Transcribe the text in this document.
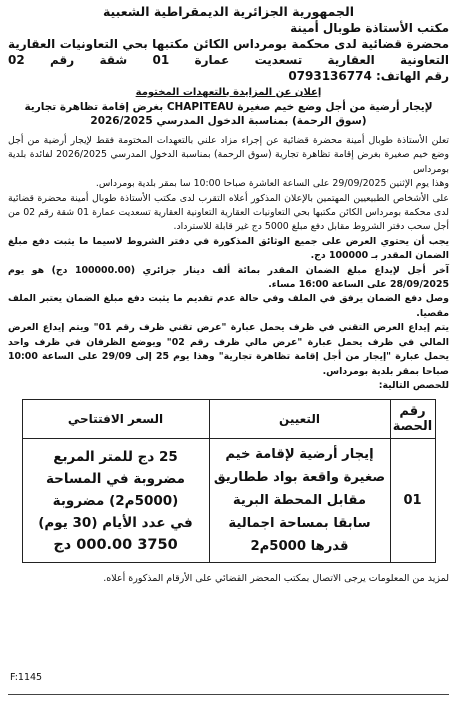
الجمهورية الجزائرية الديمقراطية الشعبية
مكتب الأستاذة طوبال أمينة
محضرة قضائية لدى محكمة بومرداس الكائن مكتبها بحي التعاونيات العقارية
التعاونية العقارية تسعديت عمارة 01 شقة رقم 02
رقم الهاتف: 0793136774
إعلان عن المزايدة بالتعهدات المختومة
لإيجار أرضية من أجل وضع خيم صغيرة CHAPITEAU بغرض إقامة تظاهرة تجارية
(سوق الرحمة) بمناسبة الدخول المدرسي 2026/2025

تعلن الأستاذة طوبال أمينة محضرة قضائية عن إجراء مزاد علني بالتعهدات المختومة فقط لإيجار أرضية من أجل وضع خيم صغيرة بغرض إقامة تظاهرة تجارية (سوق الرحمة) بمناسبة الدخول المدرسي 2026/2025 لفائدة بلدية بومرداس

وهذا يوم الإثنين 29/09/2025 على الساعة العاشرة صباحا 10:00 سا بمقر بلدية بومرداس.

على الأشخاص الطبيعيين المهتمين بالإعلان المذكور أعلاه التقرب لدى مكتب الأستاذة طوبال أمينة محضرة قضائية لدى محكمة بومرداس الكائن مكتبها بحي التعاونيات العقارية التعاونية العقارية تسعديت عمارة 01 شقة رقم 02 من أجل سحب دفتر الشروط مقابل دفع مبلغ 5000 دج غير قابلة للاسترداد.

يجب أن يحتوي العرض على جميع الوثائق المذكورة في دفتر الشروط لاسيما ما يثبت دفع مبلغ الضمان المقدر بـ 100000 دج.

آخر أجل لإيداع مبلغ الضمان المقدر بمائة ألف دينار جزائري (100000.00 دج) هو يوم 28/09/2025 على الساعة 16:00 مساء.

وصل دفع الضمان يرفق في الملف وفي حالة عدم تقديم ما يثبت دفع مبلغ الضمان يعتبر الملف مقصيا.

يتم إيداع العرض التقني في ظرف يحمل عبارة "عرض تقني ظرف رقم 01" ويتم إيداع العرض المالي في ظرف يحمل عبارة "عرض مالي ظرف رقم 02" ويوضع الظرفان في ظرف واحد يحمل عبارة "إيجار من أجل إقامة تظاهرة تجارية" وهذا يوم 25 إلى 29/09 على الساعة 10:00 صباحا بمقر بلدية بومرداس.

للحصص التالية:

رقم الحصة	التعيين	السعر الافتتاحي
01	إيجار أرضية لإقامة خيم صغيرة واقعة بواد ططاريق مقابل المحطة البرية سابقا بمساحة اجمالية قدرها 5000م2	25 دج للمتر المربع
مضروبة في المساحة
(5000م2) مضروبة
في عدد الأيام (30 يوم)
3750 000.00 دج

لمزيد من المعلومات يرجى الاتصال بمكتب المحضر القضائي على الأرقام المذكورة أعلاه.

F:1145
